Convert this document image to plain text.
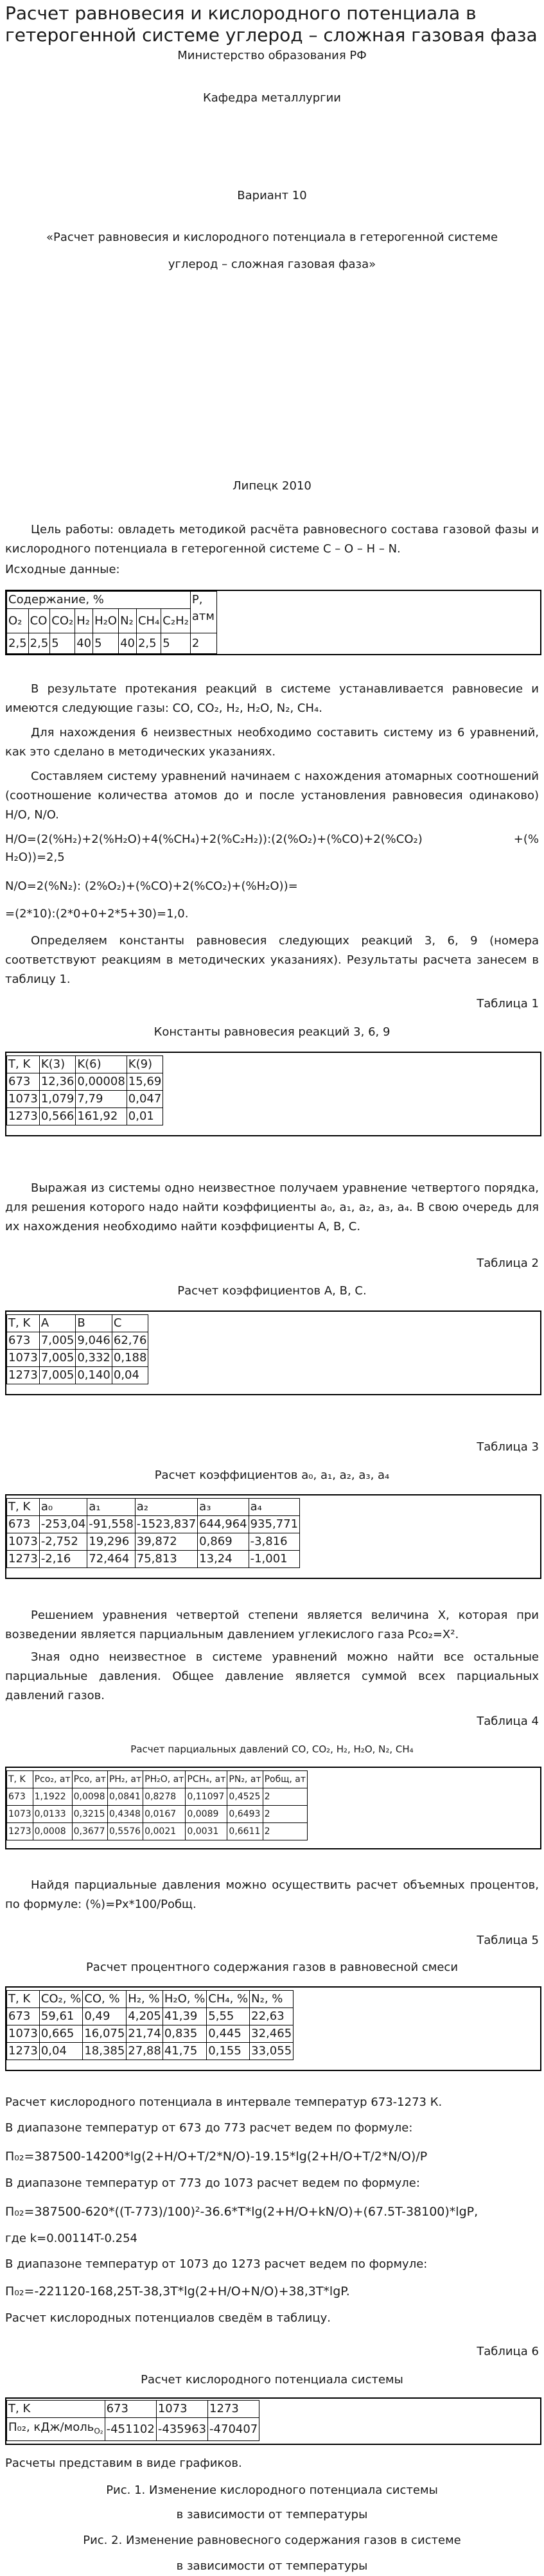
Расчет равновесия и кислородного потенциала в гетерогенной системе углерод – сложная газовая фаза

Министерство образования РФ

Кафедра металлургии

Вариант 10

«Расчет равновесия и кислородного потенциала в гетерогенной системе

углерод – сложная газовая фаза»

Липецк 2010

Цель работы: овладеть методикой расчёта равновесного состава газовой фазы и кислородного потенциала в гетерогенной системе С – О – Н – N.

Исходные данные:

Содержание, %								P, атм
O₂	CO	CO₂	H₂	H₂O	N₂	CH₄	C₂H₂	
2,5	2,5	5	40	5	40	2,5	5	2

В результате протекания реакций в системе устанавливается равновесие и имеются следующие газы: CO, CO₂, H₂, H₂O, N₂, CH₄.

Для нахождения 6 неизвестных необходимо составить систему из 6 уравнений, как это сделано в методических указаниях.

Составляем систему уравнений начинаем с нахождения атомарных соотношений (соотношение количества атомов до и после установления равновесия одинаково) H/O, N/O.

H/O=(2(%H₂)+2(%H₂O)+4(%CH₄)+2(%C₂H₂)):(2(%O₂)+(%CO)+2(%CO₂)	+(%

H₂O))=2,5

N/O=2(%N₂): (2%O₂)+(%CO)+2(%CO₂)+(%H₂O))=

=(2*10):(2*0+0+2*5+30)=1,0.

Определяем константы равновесия следующих реакций 3, 6, 9 (номера соответствуют реакциям в методических указаниях). Результаты расчета занесем в таблицу 1.

Таблица 1

Константы равновесия реакций 3, 6, 9

T, K	K(3)	K(6)	K(9)
673	12,36	0,00008	15,69
1073	1,079	7,79	0,047
1273	0,566	161,92	0,01

Выражая из системы одно неизвестное получаем уравнение четвертого порядка, для решения которого надо найти коэффициенты a₀, a₁, a₂, a₃, a₄. В свою очередь для их нахождения необходимо найти коэффициенты A, B, C.

Таблица 2

Расчет коэффициентов A, B, C.

T, K	A	B	C
673	7,005	9,046	62,76
1073	7,005	0,332	0,188
1273	7,005	0,140	0,04

Таблица 3

Расчет коэффициентов a₀, a₁, a₂, a₃, a₄

T, K	a₀	a₁	a₂	a₃	a₄
673	-253,04	-91,558	-1523,837	644,964	935,771
1073	-2,752	19,296	39,872	0,869	-3,816
1273	-2,16	72,464	75,813	13,24	-1,001

Решением уравнения четвертой степени является величина X, которая при возведении является парциальным давлением углекислого газа Pco₂=X².

Зная одно неизвестное в системе уравнений можно найти все остальные парциальные давления. Общее давление является суммой всех парциальных давлений газов.

Таблица 4

Расчет парциальных давлений CO, CO₂, H₂, H₂O, N₂, CH₄

T, K	Pco₂, ат	Pco, ат	PH₂, ат	PH₂O, ат	PCH₄, ат	PN₂, ат	Pобщ, ат
673	1,1922	0,0098	0,0841	0,8278	0,11097	0,4525	2
1073	0,0133	0,3215	0,4348	0,0167	0,0089	0,6493	2
1273	0,0008	0,3677	0,5576	0,0021	0,0031	0,6611	2

Найдя парциальные давления можно осуществить расчет объемных процентов, по формуле: (%)=Px*100/Pобщ.

Таблица 5

Расчет процентного содержания газов в равновесной смеси

T, K	CO₂, %	CO, %	H₂, %	H₂O, %	CH₄, %	N₂, %
673	59,61	0,49	4,205	41,39	5,55	22,63
1073	0,665	16,075	21,74	0,835	0,445	32,465
1273	0,04	18,385	27,88	41,75	0,155	33,055

Расчет кислородного потенциала в интервале температур 673-1273 К.

В диапазоне температур от 673 до 773 расчет ведем по формуле:

П₀₂=387500-14200*lg(2+H/O+T/2*N/O)-19.15*lg(2+H/O+T/2*N/O)/P

В диапазоне температур от 773 до 1073 расчет ведем по формуле:

П₀₂=387500-620*((T-773)/100)²-36.6*T*lg(2+H/O+kN/O)+(67.5T-38100)*lgP,

где k=0.00114T-0.254

В диапазоне температур от 1073 до 1273 расчет ведем по формуле:

П₀₂=-221120-168,25T-38,3T*lg(2+H/O+N/O)+38,3T*lgP.

Расчет кислородных потенциалов сведём в таблицу.

Таблица 6

Расчет кислородного потенциала системы

T, K	673	1073	1273
П₀₂, кДж/моль$_{O_2}$	-451102	-435963	-470407

Расчеты представим в виде графиков.

Рис. 1. Изменение кислородного потенциала системы

в зависимости от температуры

Рис. 2. Изменение равновесного содержания газов в системе

в зависимости от температуры
